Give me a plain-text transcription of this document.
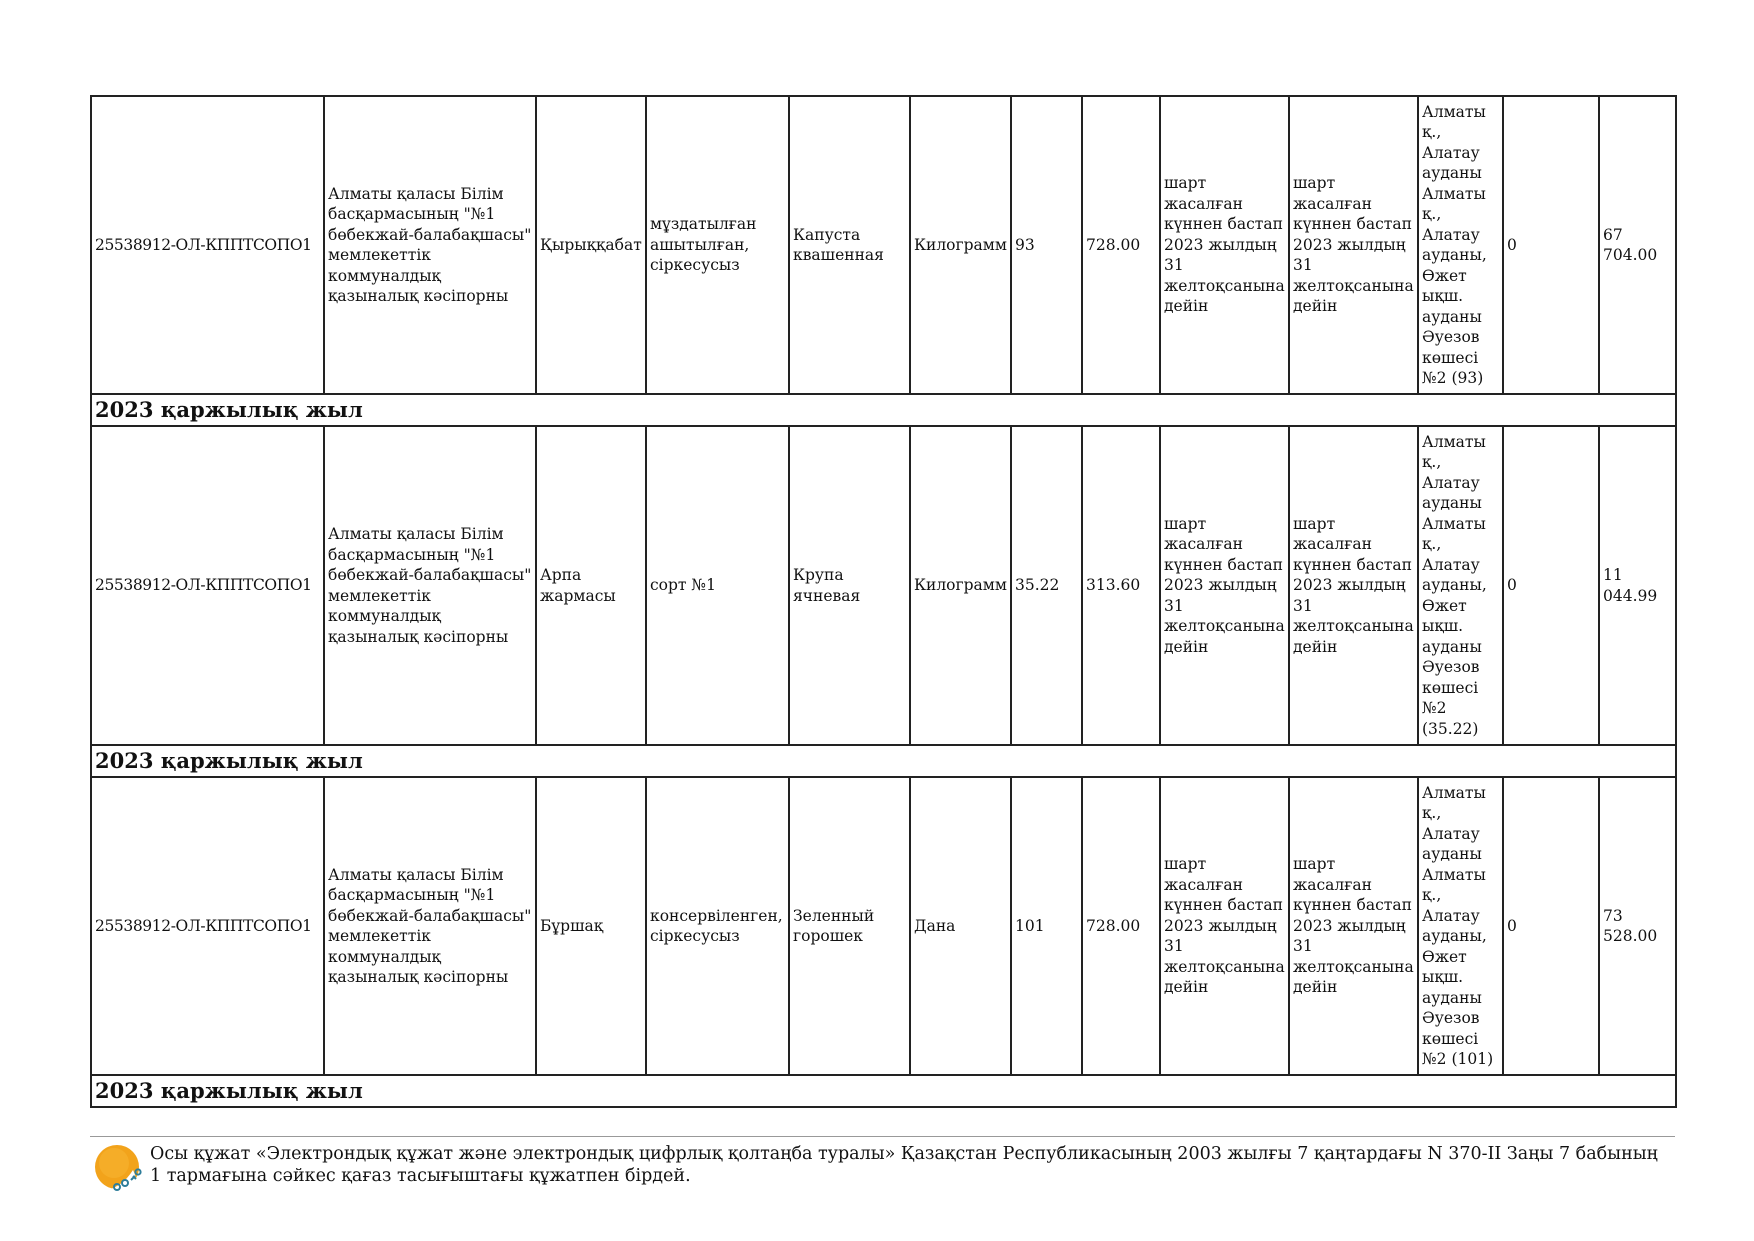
25538912-ОЛ-КППТСОПО1	Алматы қаласы Білім басқармасының "№1 бөбекжай-балабақшасы" мемлекеттік коммуналдық қазыналық кәсіпорны	Қырыққабат	мұздатылған ашытылған, сіркесусыз	Капуста квашенная	Килограмм	93	728.00	шарт жасалған күннен бастап 2023 жылдың 31 желтоқсанына дейін	шарт жасалған күннен бастап 2023 жылдың 31 желтоқсанына дейін	Алматы қ., Алатау ауданы Алматы қ., Алатау ауданы, Өжет ықш. ауданы Әуезов көшесі №2 (93)	0	67 704.00
2023 қаржылық жыл												
25538912-ОЛ-КППТСОПО1	Алматы қаласы Білім басқармасының "№1 бөбекжай-балабақшасы" мемлекеттік коммуналдық қазыналық кәсіпорны	Арпа жармасы	сорт №1	Крупа ячневая	Килограмм	35.22	313.60	шарт жасалған күннен бастап 2023 жылдың 31 желтоқсанына дейін	шарт жасалған күннен бастап 2023 жылдың 31 желтоқсанына дейін	Алматы қ., Алатау ауданы Алматы қ., Алатау ауданы, Өжет ықш. ауданы Әуезов көшесі №2 (35.22)	0	11 044.99
2023 қаржылық жыл												
25538912-ОЛ-КППТСОПО1	Алматы қаласы Білім басқармасының "№1 бөбекжай-балабақшасы" мемлекеттік коммуналдық қазыналық кәсіпорны	Бұршақ	консервіленген, сіркесусыз	Зеленный горошек	Дана	101	728.00	шарт жасалған күннен бастап 2023 жылдың 31 желтоқсанына дейін	шарт жасалған күннен бастап 2023 жылдың 31 желтоқсанына дейін	Алматы қ., Алатау ауданы Алматы қ., Алатау ауданы, Өжет ықш. ауданы Әуезов көшесі №2 (101)	0	73 528.00
2023 қаржылық жыл												
Осы құжат «Электрондық құжат және электрондық цифрлық қолтаңба туралы» Қазақстан Республикасының 2003 жылғы 7 қаңтардағы N 370-II Заңы 7 бабының 1 тармағына сәйкес қағаз тасығыштағы құжатпен бірдей.
